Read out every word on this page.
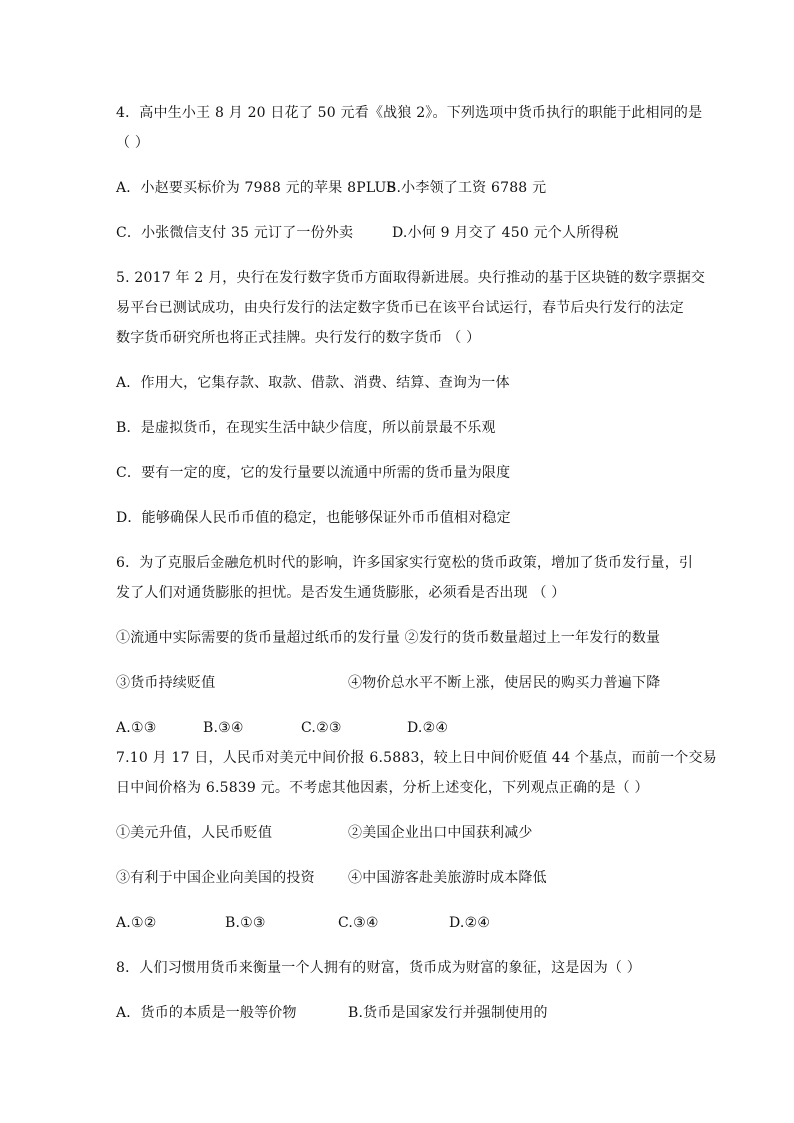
4．高中生小王 8 月 20 日花了 50 元看《战狼 2》。下列选项中货币执行的职能于此相同的是
（ ）
A．小赵要买标价为 7988 元的苹果 8PLUS
B.小李领了工资 6788 元
C．小张微信支付 35 元订了一份外卖	D.小何 9 月交了 450 元个人所得税
5. 2017 年 2 月，央行在发行数字货币方面取得新进展。央行推动的基于区块链的数字票据交
易平台已测试成功，由央行发行的法定数字货币已在该平台试运行，春节后央行发行的法定
数字货币研究所也将正式挂牌。央行发行的数字货币 （ ）
A．作用大，它集存款、取款、借款、消费、结算、查询为一体
B．是虚拟货币，在现实生活中缺少信度，所以前景最不乐观
C．要有一定的度，它的发行量要以流通中所需的货币量为限度
D．能够确保人民币币值的稳定，也能够保证外币币值相对稳定
6．为了克服后金融危机时代的影响，许多国家实行宽松的货币政策，增加了货币发行量，引
发了人们对通货膨胀的担忧。是否发生通货膨胀，必须看是否出现 （ ）
①流通中实际需要的货币量超过纸币的发行量 ②发行的货币数量超过上一年发行的数量
③货币持续贬值	④物价总水平不断上涨，使居民的购买力普遍下降
A.①③	B.③④	C.②③	D.②④
7.10 月 17 日，人民币对美元中间价报 6.5883，较上日中间价贬值 44 个基点，而前一个交易
日中间价格为 6.5839 元。不考虑其他因素，分析上述变化，下列观点正确的是（ ）
①美元升值，人民币贬值	②美国企业出口中国获利减少
③有利于中国企业向美国的投资 ④中国游客赴美旅游时成本降低
A.①②	B.①③	C.③④	D.②④
8．人们习惯用货币来衡量一个人拥有的财富，货币成为财富的象征，这是因为（ ）
A．货币的本质是一般等价物	B.货币是国家发行并强制使用的
